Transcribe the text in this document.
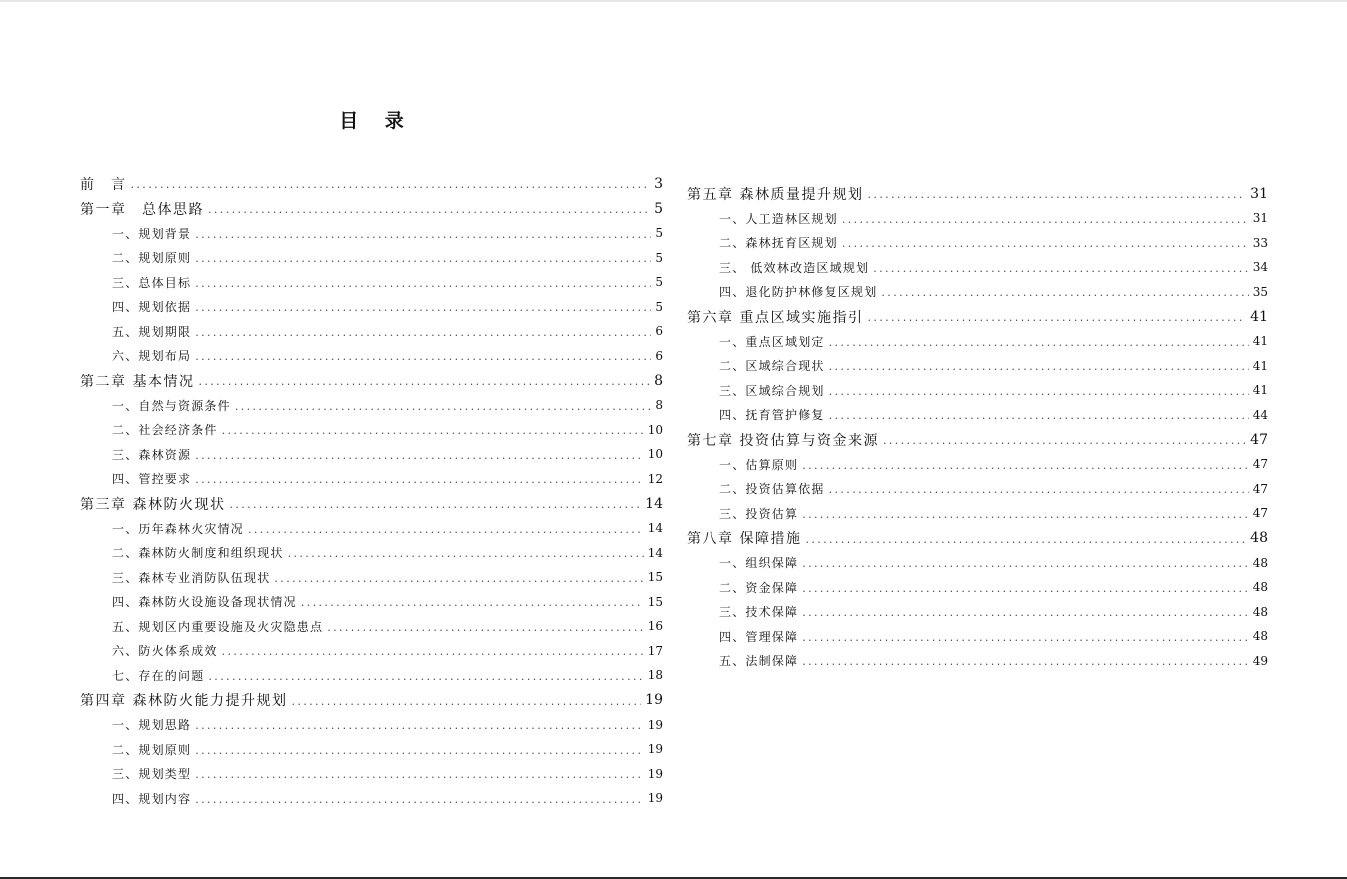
目 录
前　言 .....	3
第一章　总体思路 .....	5
一、规划背景 .....	5
二、规划原则 .....	5
三、总体目标 .....	5
四、规划依据 .....	5
五、规划期限 .....	6
六、规划布局 .....	6
第二章 基本情况 .....	8
一、自然与资源条件 .....	8
二、社会经济条件 .....	10
三、森林资源 .....	10
四、管控要求 .....	12
第三章 森林防火现状 .....	14
一、历年森林火灾情况 .....	14
二、森林防火制度和组织现状 .....	14
三、森林专业消防队伍现状 .....	15
四、森林防火设施设备现状情况 .....	15
五、规划区内重要设施及火灾隐患点 .....	16
六、防火体系成效 .....	17
七、存在的问题 .....	18
第四章 森林防火能力提升规划 .....	19
一、规划思路 .....	19
二、规划原则 .....	19
三、规划类型 .....	19
四、规划内容 .....	19
第五章 森林质量提升规划 .....	31
一、人工造林区规划 .....	31
二、森林抚育区规划 .....	33
三、 低效林改造区域规划 .....	34
四、退化防护林修复区规划 .....	35
第六章 重点区域实施指引 .....	41
一、重点区域划定 .....	41
二、区域综合现状 .....	41
三、区域综合规划 .....	41
四、抚育管护修复 .....	44
第七章 投资估算与资金来源 .....	47
一、估算原则 .....	47
二、投资估算依据 .....	47
三、投资估算 .....	47
第八章 保障措施 .....	48
一、组织保障 .....	48
二、资金保障 .....	48
三、技术保障 .....	48
四、管理保障 .....	48
五、法制保障 .....	49
